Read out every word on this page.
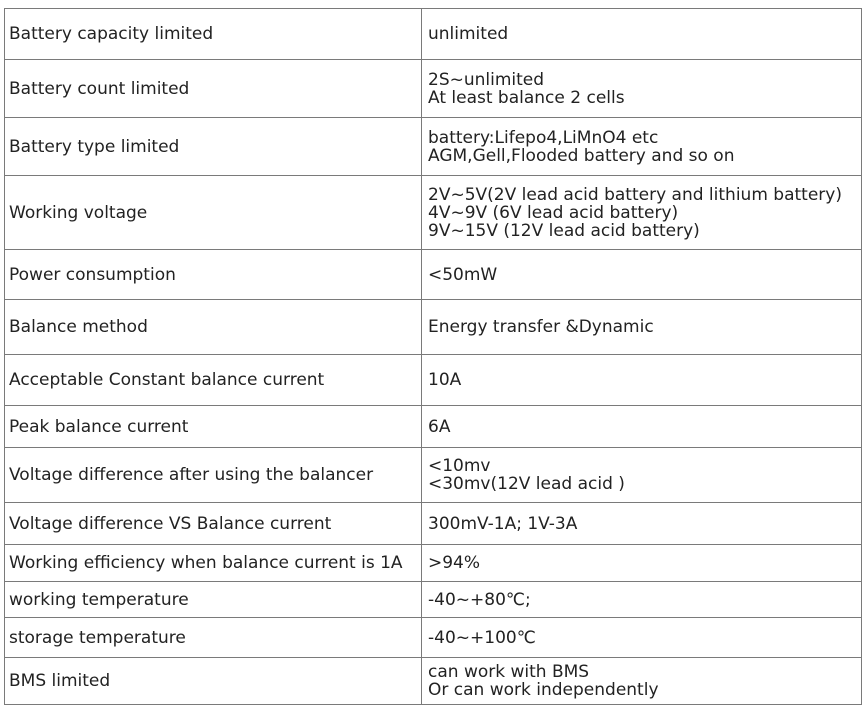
Battery capacity limited	unlimited

Battery count limited	2S~unlimited
At least balance 2 cells

Battery type limited	battery:Lifepo4,LiMnO4 etc
AGM,Gell,Flooded battery and so on

Working voltage	2V~5V(2V lead acid battery and lithium battery)
4V~9V (6V lead acid battery)
9V~15V (12V lead acid battery)

Power consumption	<50mW

Balance method	Energy transfer &Dynamic

Acceptable Constant balance current	10A

Peak balance current	6A

Voltage difference after using the balancer	<10mv
<30mv(12V lead acid )

Voltage difference VS Balance current	300mV-1A; 1V-3A

Working efficiency when balance current is 1A	>94%

working temperature	-40~+80℃;

storage temperature	-40~+100℃

BMS limited	can work with BMS
Or can work independently
